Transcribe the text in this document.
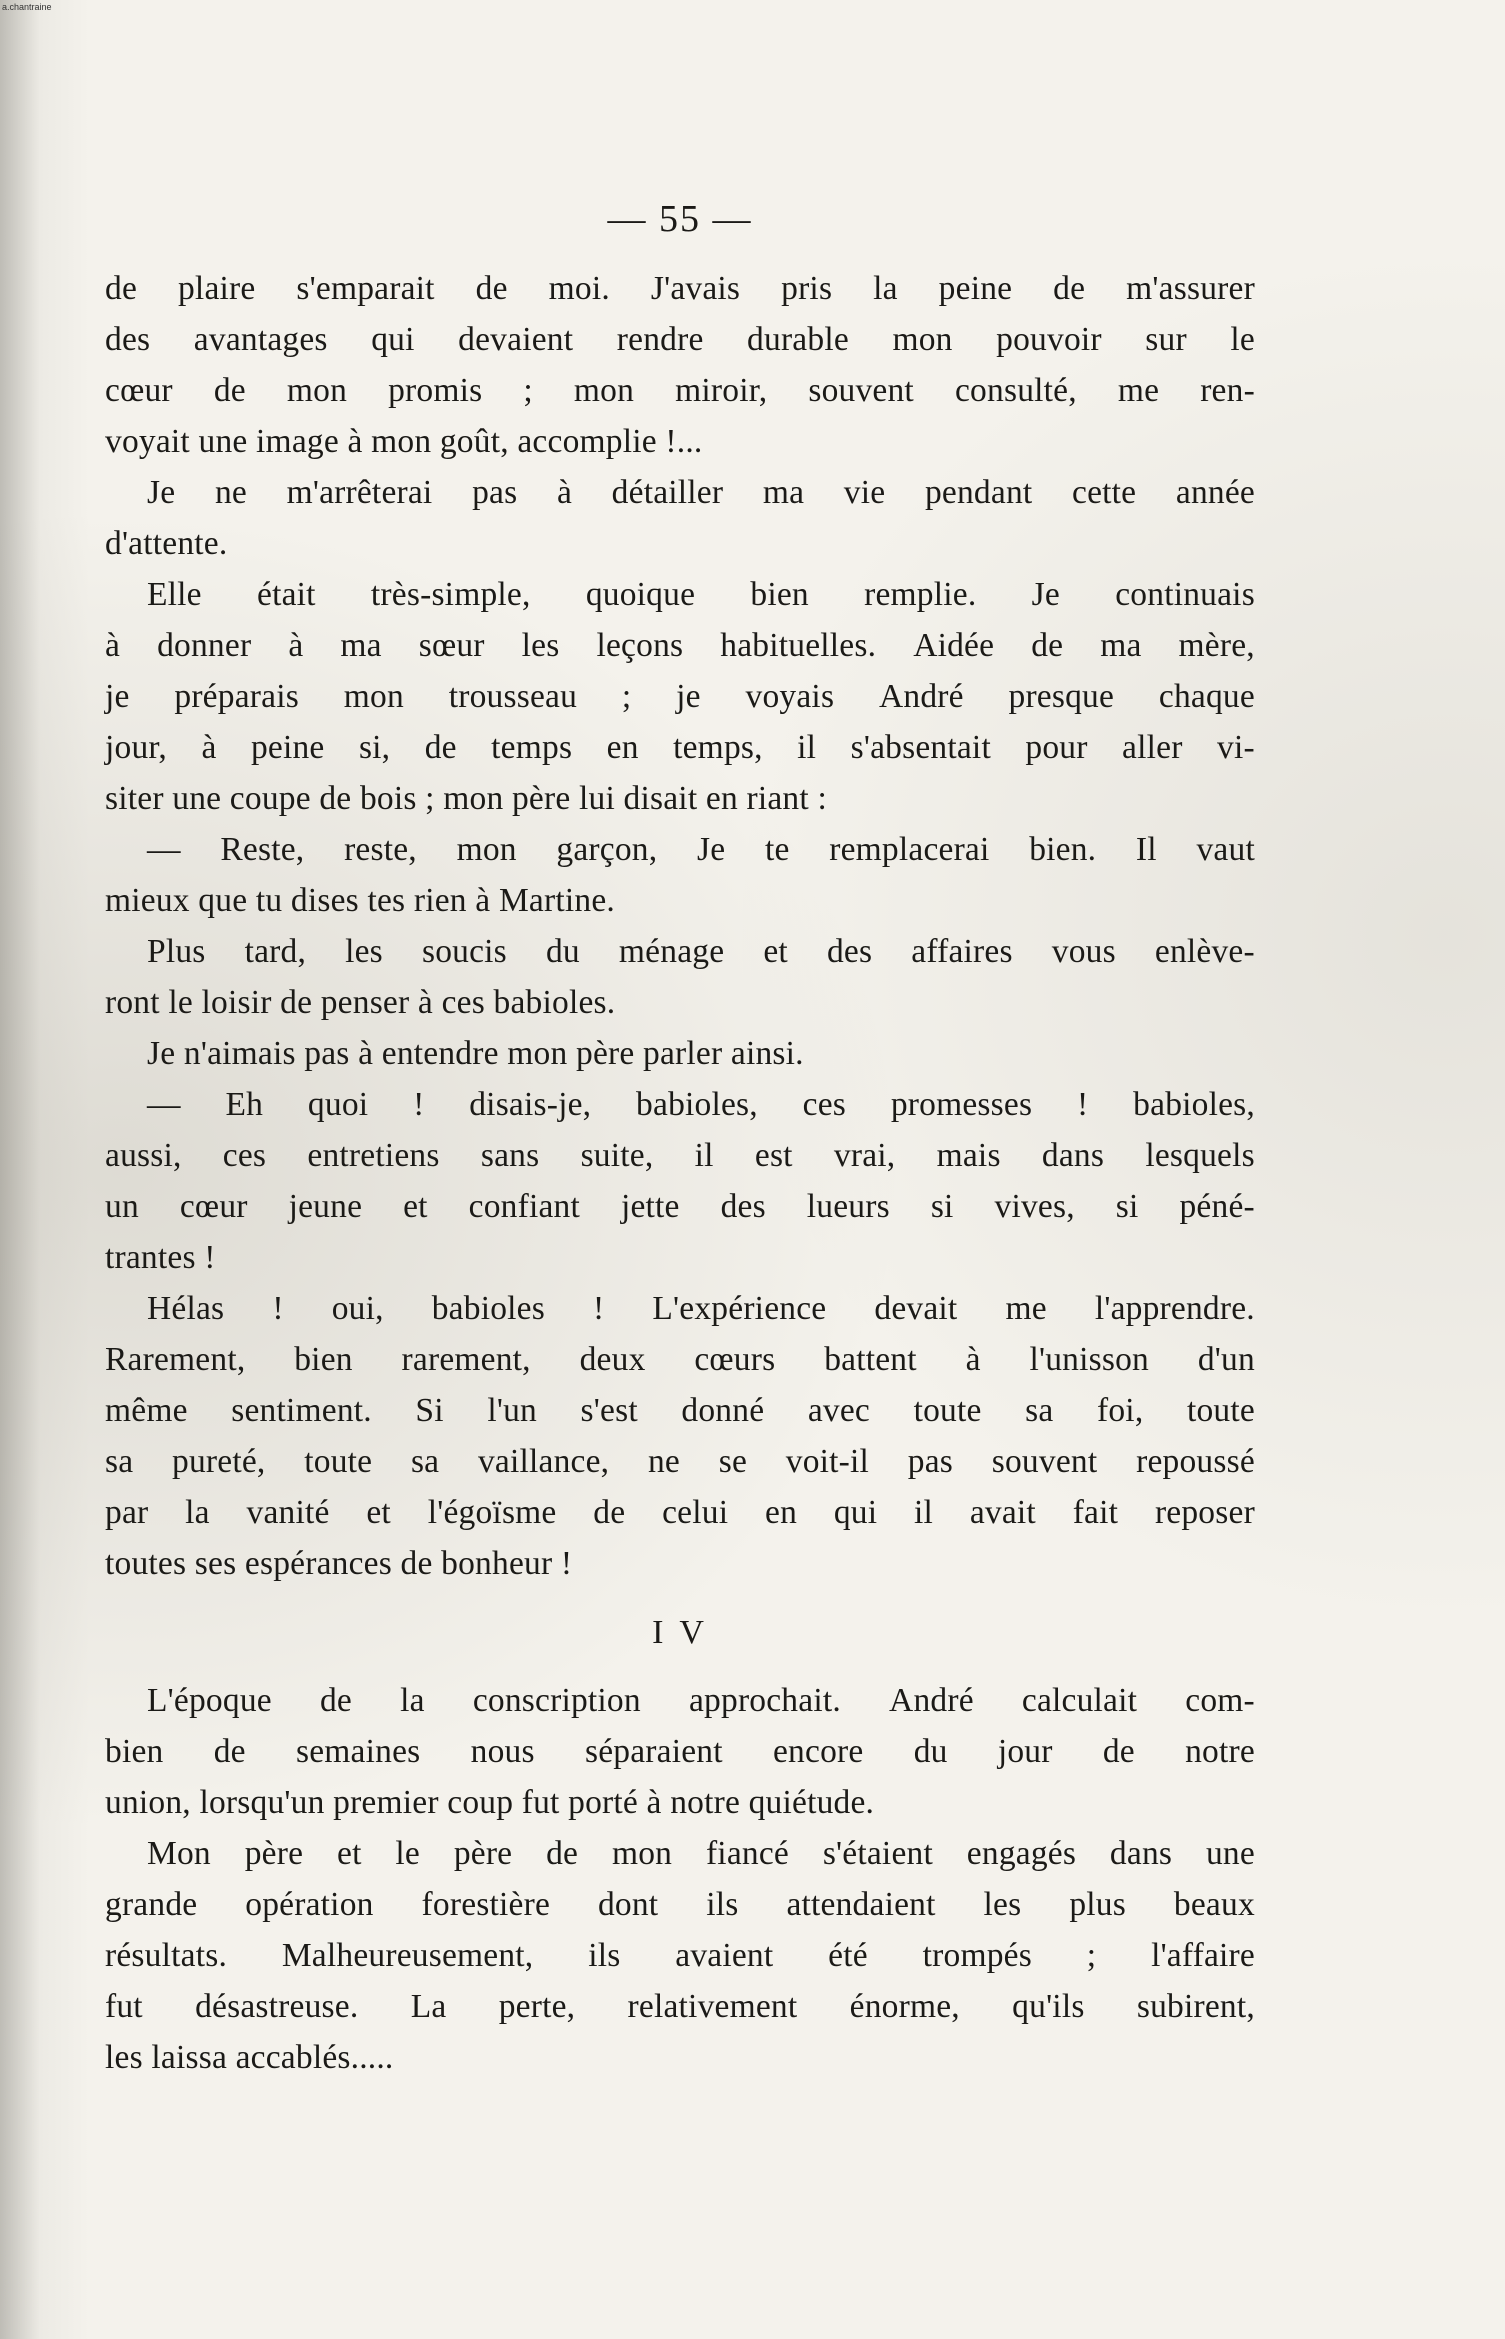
a.chantraine
— 55 —
de plaire s'emparait de moi. J'avais pris la peine de m'assurer
des avantages qui devaient rendre durable mon pouvoir sur le
cœur de mon promis ; mon miroir, souvent consulté, me ren-
voyait une image à mon goût, accomplie !...
Je ne m'arrêterai pas à détailler ma vie pendant cette année
d'attente.
Elle était très-simple, quoique bien remplie. Je continuais
à donner à ma sœur les leçons habituelles. Aidée de ma mère,
je préparais mon trousseau ; je voyais André presque chaque
jour, à peine si, de temps en temps, il s'absentait pour aller vi-
siter une coupe de bois ; mon père lui disait en riant :
— Reste, reste, mon garçon, Je te remplacerai bien. Il vaut
mieux que tu dises tes rien à Martine.
Plus tard, les soucis du ménage et des affaires vous enlève-
ront le loisir de penser à ces babioles.
Je n'aimais pas à entendre mon père parler ainsi.
— Eh quoi ! disais-je, babioles, ces promesses ! babioles,
aussi, ces entretiens sans suite, il est vrai, mais dans lesquels
un cœur jeune et confiant jette des lueurs si vives, si péné-
trantes !
Hélas ! oui, babioles ! L'expérience devait me l'apprendre.
Rarement, bien rarement, deux cœurs battent à l'unisson d'un
même sentiment. Si l'un s'est donné avec toute sa foi, toute
sa pureté, toute sa vaillance, ne se voit-il pas souvent repoussé
par la vanité et l'égoïsme de celui en qui il avait fait reposer
toutes ses espérances de bonheur !
I V
L'époque de la conscription approchait. André calculait com-
bien de semaines nous séparaient encore du jour de notre
union, lorsqu'un premier coup fut porté à notre quiétude.
Mon père et le père de mon fiancé s'étaient engagés dans une
grande opération forestière dont ils attendaient les plus beaux
résultats. Malheureusement, ils avaient été trompés ; l'affaire
fut désastreuse. La perte, relativement énorme, qu'ils subirent,
les laissa accablés.....
